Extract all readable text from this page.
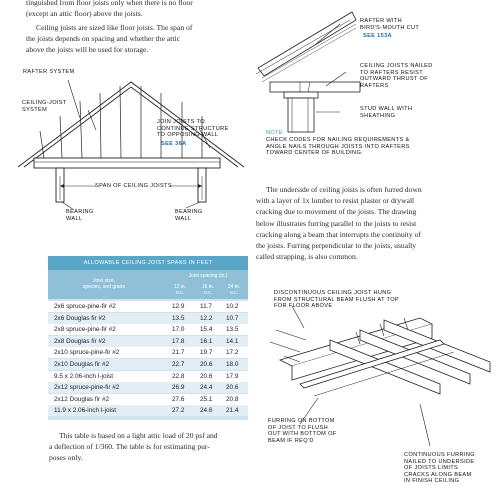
tinguished from floor joists only when there is no floor
(except an attic floor) above the joists.
Ceiling joists are sized like floor joists. The span of
the joists depends on spacing and whether the attic
above the joists will be used for storage.
RAFTER SYSTEM
CEILING-JOIST
SYSTEM
JOIN JOISTS TO
CONTINUE STRUCTURE
TO OPPOSING WALL
SEE 36A
SPAN OF CEILING JOISTS
BEARING
WALL
BEARING
WALL
RAFTER WITH
BIRD'S-MOUTH CUT
SEE 153A
CEILING JOISTS NAILED
TO RAFTERS RESIST
OUTWARD THRUST OF
RAFTERS
STUD WALL WITH
SHEATHING
NOTE
CHECK CODES FOR NAILING REQUIREMENTS &
ANGLE NAILS THROUGH JOISTS INTO RAFTERS
TOWARD CENTER OF BUILDING.
The underside of ceiling joists is often furred down
with a layer of 1x lumber to resist plaster or drywall
cracking due to movement of the joists. The drawing
below illustrates furring parallel to the joists to resist
cracking along a beam that interrupts the continuity of
the joists. Furring perpendicular to the joists, usually
called strapping, is also common.
DISCONTINUOUS CEILING JOIST HUNG
FROM STRUCTURAL BEAM FLUSH AT TOP
FOR FLOOR ABOVE
FURRING ON BOTTOM
OF JOIST TO FLUSH
OUT WITH BOTTOM OF
BEAM IF REQ'D
CONTINUOUS FURRING
NAILED TO UNDERSIDE
OF JOISTS LIMITS
CRACKS ALONG BEAM
IN FINISH CEILING
ALLOWABLE CEILING JOIST SPANS IN FEET
Joist size,
species, and grade
Joist spacing (in.)
12 in.
o.c.
16 in.
o.c.
24 in.
o.c.
2x6 spruce-pine-fir #2	12.9 11.7 10.2
2x6 Douglas fir #2	13.5 12.2 10.7
2x8 spruce-pine-fir #2	17.0 15.4 13.5
2x8 Douglas fir #2	17.8 16.1 14.1
2x10 spruce-pine-fir #2	21.7 19.7 17.2
2x10 Douglas fir #2	22.7 20.6 18.0
9.5 x 2.06-inch I-joist	22.8 20.6 17.9
2x12 spruce-pine-fir #2	26.9 24.4 20.6
2x12 Douglas fir #2	27.6 25.1 20.8
11.9 x 2.06-inch I-joist	27.2 24.6 21.4
This table is based on a light attic load of 20 psf and
a deflection of 1/360. The table is for estimating pur-
poses only.
